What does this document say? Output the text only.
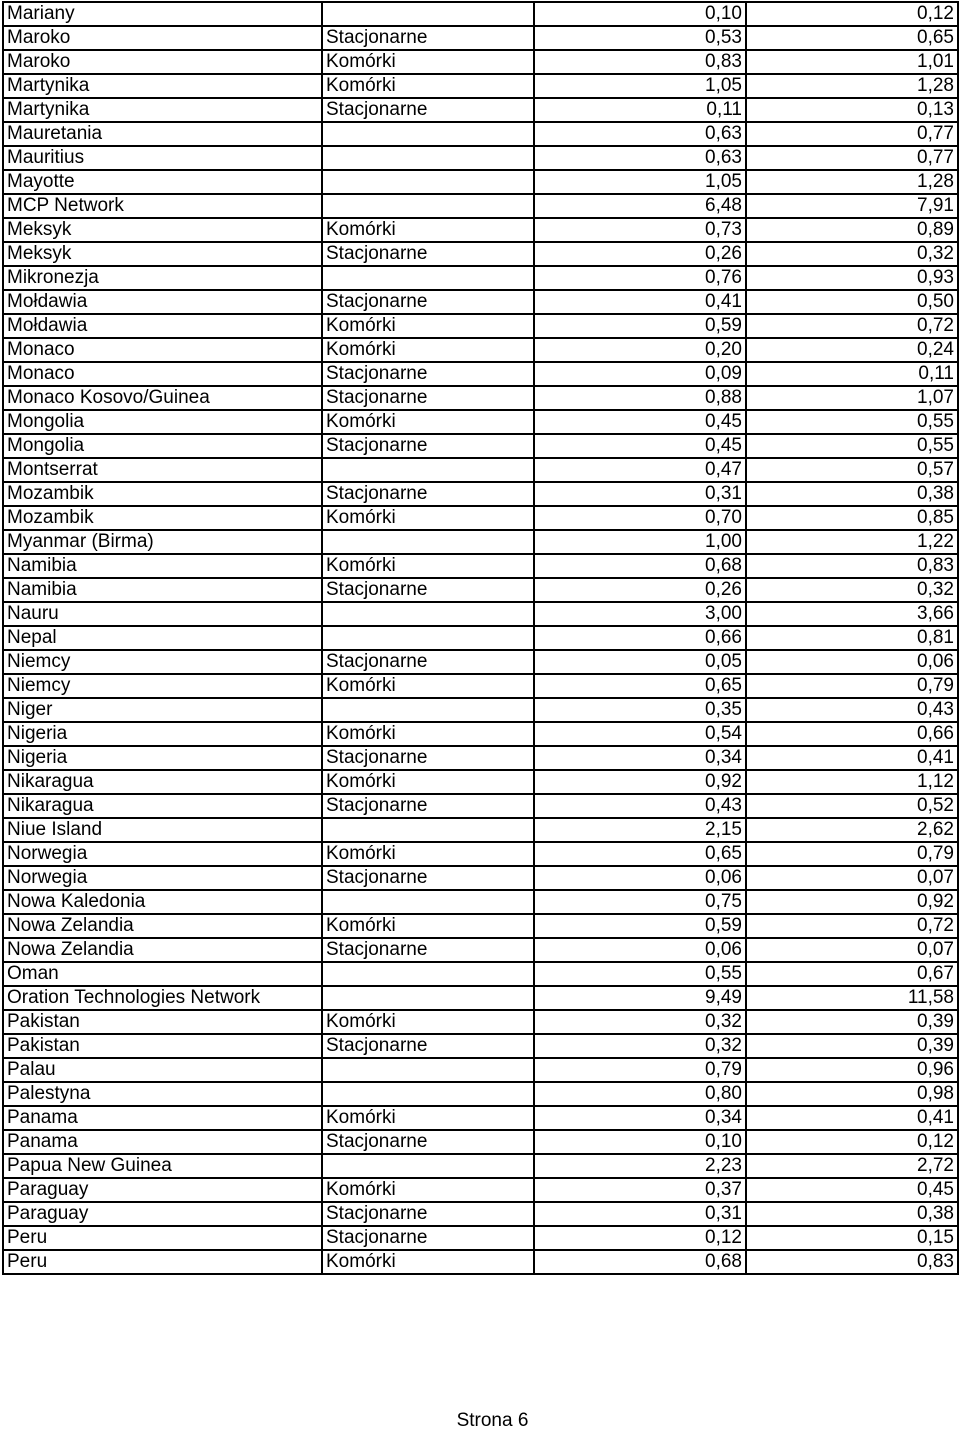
Mariany		0,10	0,12
Maroko	Stacjonarne	0,53	0,65
Maroko	Komórki	0,83	1,01
Martynika	Komórki	1,05	1,28
Martynika	Stacjonarne	0,11	0,13
Mauretania		0,63	0,77
Mauritius		0,63	0,77
Mayotte		1,05	1,28
MCP Network		6,48	7,91
Meksyk	Komórki	0,73	0,89
Meksyk	Stacjonarne	0,26	0,32
Mikronezja		0,76	0,93
Mołdawia	Stacjonarne	0,41	0,50
Mołdawia	Komórki	0,59	0,72
Monaco	Komórki	0,20	0,24
Monaco	Stacjonarne	0,09	0,11
Monaco Kosovo/Guinea	Stacjonarne	0,88	1,07
Mongolia	Komórki	0,45	0,55
Mongolia	Stacjonarne	0,45	0,55
Montserrat		0,47	0,57
Mozambik	Stacjonarne	0,31	0,38
Mozambik	Komórki	0,70	0,85
Myanmar (Birma)		1,00	1,22
Namibia	Komórki	0,68	0,83
Namibia	Stacjonarne	0,26	0,32
Nauru		3,00	3,66
Nepal		0,66	0,81
Niemcy	Stacjonarne	0,05	0,06
Niemcy	Komórki	0,65	0,79
Niger		0,35	0,43
Nigeria	Komórki	0,54	0,66
Nigeria	Stacjonarne	0,34	0,41
Nikaragua	Komórki	0,92	1,12
Nikaragua	Stacjonarne	0,43	0,52
Niue Island		2,15	2,62
Norwegia	Komórki	0,65	0,79
Norwegia	Stacjonarne	0,06	0,07
Nowa Kaledonia		0,75	0,92
Nowa Zelandia	Komórki	0,59	0,72
Nowa Zelandia	Stacjonarne	0,06	0,07
Oman		0,55	0,67
Oration Technologies Network		9,49	11,58
Pakistan	Komórki	0,32	0,39
Pakistan	Stacjonarne	0,32	0,39
Palau		0,79	0,96
Palestyna		0,80	0,98
Panama	Komórki	0,34	0,41
Panama	Stacjonarne	0,10	0,12
Papua New Guinea		2,23	2,72
Paraguay	Komórki	0,37	0,45
Paraguay	Stacjonarne	0,31	0,38
Peru	Stacjonarne	0,12	0,15
Peru	Komórki	0,68	0,83
Strona 6
